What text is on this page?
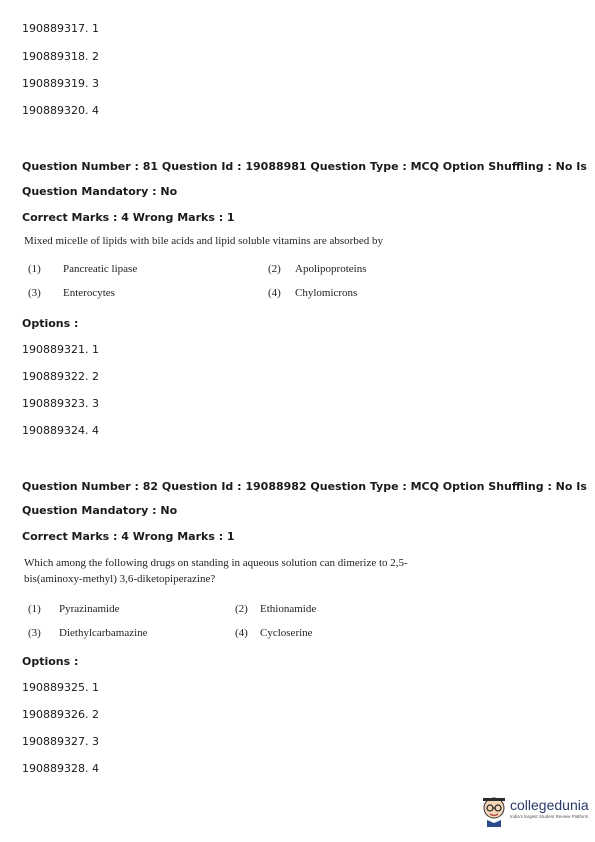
190889317. 1
190889318. 2
190889319. 3
190889320. 4
Question Number : 81 Question Id : 19088981 Question Type : MCQ Option Shuffling : No Is
Question Mandatory : No
Correct Marks : 4 Wrong Marks : 1
Mixed micelle of lipids with bile acids and lipid soluble vitamins are absorbed by
(1) Pancreatic lipase	(2) Apolipoproteins
(3) Enterocytes	(4) Chylomicrons
Options :
190889321. 1
190889322. 2
190889323. 3
190889324. 4
Question Number : 82 Question Id : 19088982 Question Type : MCQ Option Shuffling : No Is
Question Mandatory : No
Correct Marks : 4 Wrong Marks : 1
Which among the following drugs on standing in aqueous solution can dimerize to 2,5-
bis(aminoxy-methyl) 3,6-diketopiperazine?
(1) Pyrazinamide	(2) Ethionamide
(3) Diethylcarbamazine	(4) Cycloserine
Options :
190889325. 1
190889326. 2
190889327. 3
190889328. 4
collegedunia
India's largest Student Review Platform
